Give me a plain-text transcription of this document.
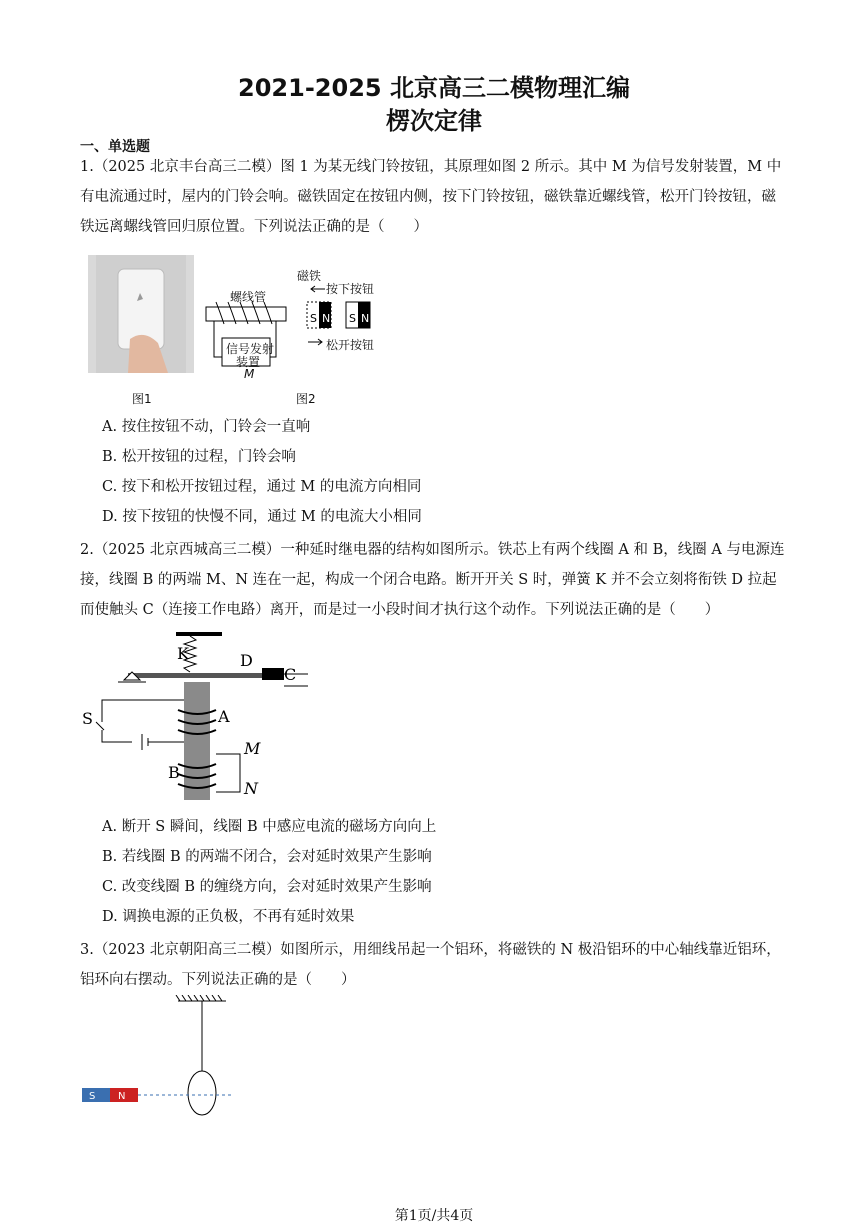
2021-2025 北京高三二模物理汇编
楞次定律
一、单选题
1.（2025 北京丰台高三二模）图 1 为某无线门铃按钮，其原理如图 2 所示。其中 M 为信号发射装置，M 中有电流通过时，屋内的门铃会响。磁铁固定在按钮内侧，按下门铃按钮，磁铁靠近螺线管，松开门铃按钮，磁铁远离螺线管回归原位置。下列说法正确的是（　　）
图1
S N S N
螺线管
磁铁
按下按钮
松开按钮
信号发射
装置
M
图2
A. 按住按钮不动，门铃会一直响
B. 松开按钮的过程，门铃会响
C. 按下和松开按钮过程，通过 M 的电流方向相同
D. 按下按钮的快慢不同，通过 M 的电流大小相同
2.（2025 北京西城高三二模）一种延时继电器的结构如图所示。铁芯上有两个线圈 A 和 B，线圈 A 与电源连接，线圈 B 的两端 M、N 连在一起，构成一个闭合电路。断开开关 S 时，弹簧 K 并不会立刻将衔铁 D 拉起而使触头 C（连接工作电路）离开，而是过一小段时间才执行这个动作。下列说法正确的是（　　）
K	D
C
S	A
B
M
N
A. 断开 S 瞬间，线圈 B 中感应电流的磁场方向向上
B. 若线圈 B 的两端不闭合，会对延时效果产生影响
C. 改变线圈 B 的缠绕方向，会对延时效果产生影响
D. 调换电源的正负极，不再有延时效果
3.（2023 北京朝阳高三二模）如图所示，用细线吊起一个铝环，将磁铁的 N 极沿铝环的中心轴线靠近铝环，铝环向右摆动。下列说法正确的是（　　）
S N
第1页/共4页
